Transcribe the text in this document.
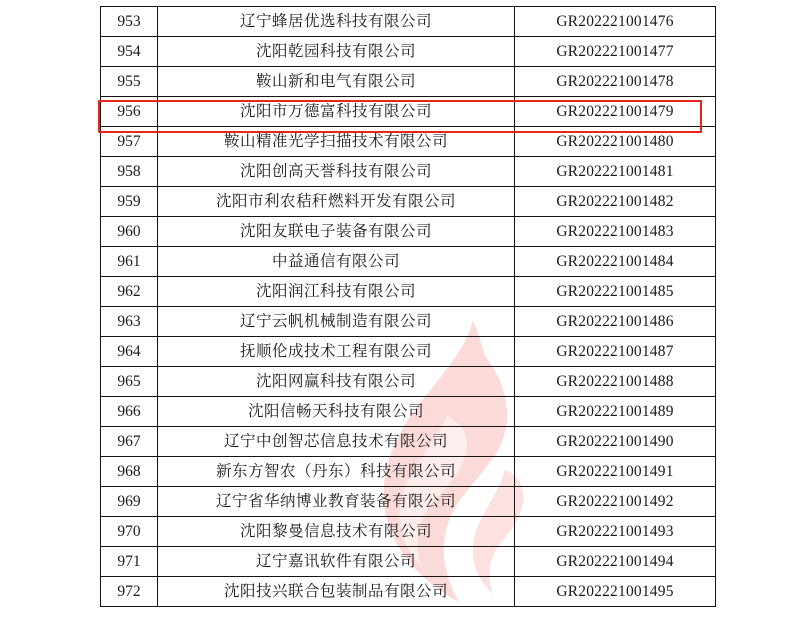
953	辽宁蜂居优选科技有限公司	GR202221001476
954	沈阳乾园科技有限公司	GR202221001477
955	鞍山新和电气有限公司	GR202221001478
956	沈阳市万德富科技有限公司	GR202221001479
957	鞍山精准光学扫描技术有限公司	GR202221001480
958	沈阳创高天誉科技有限公司	GR202221001481
959	沈阳市利农秸秆燃料开发有限公司	GR202221001482
960	沈阳友联电子装备有限公司	GR202221001483
961	中益通信有限公司	GR202221001484
962	沈阳润江科技有限公司	GR202221001485
963	辽宁云帆机械制造有限公司	GR202221001486
964	抚顺伦成技术工程有限公司	GR202221001487
965	沈阳网赢科技有限公司	GR202221001488
966	沈阳信畅天科技有限公司	GR202221001489
967	辽宁中创智芯信息技术有限公司	GR202221001490
968	新东方智农（丹东）科技有限公司	GR202221001491
969	辽宁省华纳博业教育装备有限公司	GR202221001492
970	沈阳黎曼信息技术有限公司	GR202221001493
971	辽宁嘉讯软件有限公司	GR202221001494
972	沈阳技兴联合包装制品有限公司	GR202221001495
